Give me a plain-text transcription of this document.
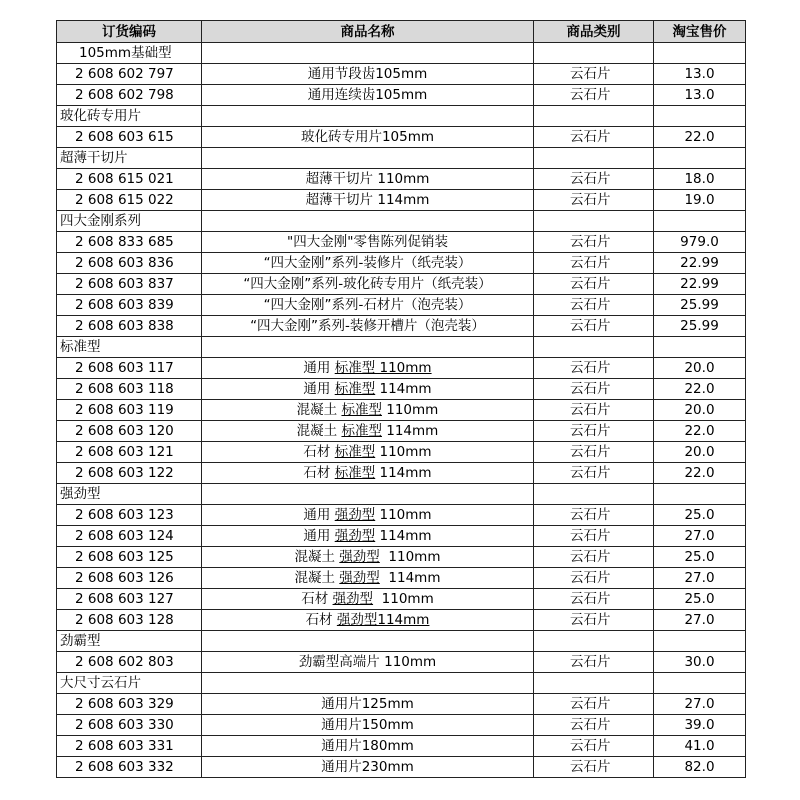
订货编码	商品名称	商品类别	淘宝售价
105mm基础型			
2 608 602 797	通用节段齿105mm	云石片	13.0
2 608 602 798	通用连续齿105mm	云石片	13.0
玻化砖专用片			
2 608 603 615	玻化砖专用片105mm	云石片	22.0
超薄干切片			
2 608 615 021	超薄干切片 110mm	云石片	18.0
2 608 615 022	超薄干切片 114mm	云石片	19.0
四大金刚系列			
2 608 833 685	"四大金刚"零售陈列促销装	云石片	979.0
2 608 603 836	“四大金刚”系列-装修片（纸壳装）	云石片	22.99
2 608 603 837	“四大金刚”系列-玻化砖专用片（纸壳装）	云石片	22.99
2 608 603 839	“四大金刚”系列-石材片（泡壳装）	云石片	25.99
2 608 603 838	“四大金刚”系列-装修开槽片（泡壳装）	云石片	25.99
标准型			
2 608 603 117	通用 标准型 110mm	云石片	20.0
2 608 603 118	通用 标准型 114mm	云石片	22.0
2 608 603 119	混凝土 标准型 110mm	云石片	20.0
2 608 603 120	混凝土 标准型 114mm	云石片	22.0
2 608 603 121	石材 标准型 110mm	云石片	20.0
2 608 603 122	石材 标准型 114mm	云石片	22.0
强劲型			
2 608 603 123	通用 强劲型 110mm	云石片	25.0
2 608 603 124	通用 强劲型 114mm	云石片	27.0
2 608 603 125	混凝土 强劲型  110mm	云石片	25.0
2 608 603 126	混凝土 强劲型  114mm	云石片	27.0
2 608 603 127	石材 强劲型  110mm	云石片	25.0
2 608 603 128	石材 强劲型114mm	云石片	27.0
劲霸型			
2 608 602 803	劲霸型高端片 110mm	云石片	30.0
大尺寸云石片			
2 608 603 329	通用片125mm	云石片	27.0
2 608 603 330	通用片150mm	云石片	39.0
2 608 603 331	通用片180mm	云石片	41.0
2 608 603 332	通用片230mm	云石片	82.0
